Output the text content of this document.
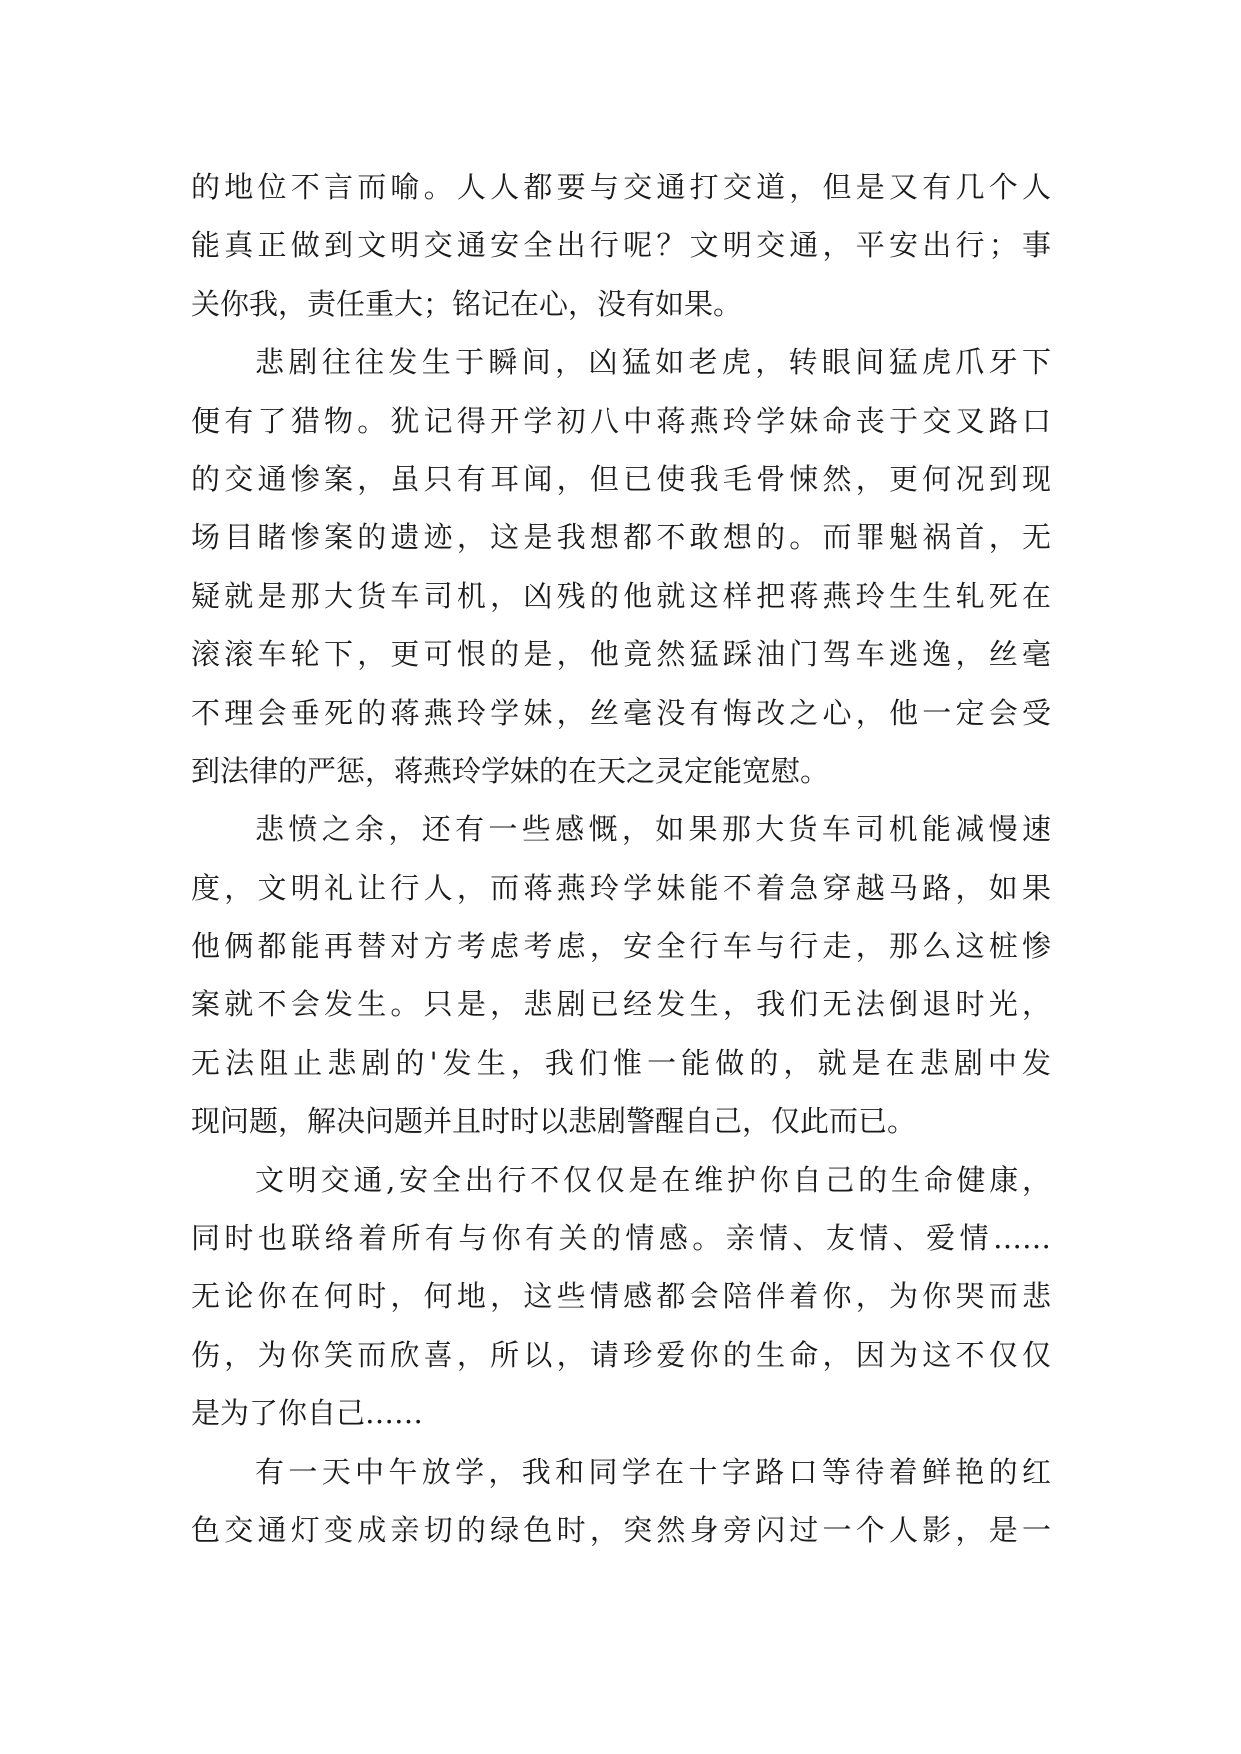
的地位不言而喻。人人都要与交通打交道，但是又有几个人
能真正做到文明交通安全出行呢？文明交通，平安出行；事
关你我，责任重大；铭记在心，没有如果。
悲剧往往发生于瞬间，凶猛如老虎，转眼间猛虎爪牙下
便有了猎物。犹记得开学初八中蒋燕玲学妹命丧于交叉路口
的交通惨案，虽只有耳闻，但已使我毛骨悚然，更何况到现
场目睹惨案的遗迹，这是我想都不敢想的。而罪魁祸首，无
疑就是那大货车司机，凶残的他就这样把蒋燕玲生生轧死在
滚滚车轮下，更可恨的是，他竟然猛踩油门驾车逃逸，丝毫
不理会垂死的蒋燕玲学妹，丝毫没有悔改之心，他一定会受
到法律的严惩，蒋燕玲学妹的在天之灵定能宽慰。
悲愤之余，还有一些感慨，如果那大货车司机能减慢速
度，文明礼让行人，而蒋燕玲学妹能不着急穿越马路，如果
他俩都能再替对方考虑考虑，安全行车与行走，那么这桩惨
案就不会发生。只是，悲剧已经发生，我们无法倒退时光，
无法阻止悲剧的'发生，我们惟一能做的，就是在悲剧中发
现问题，解决问题并且时时以悲剧警醒自己，仅此而已。
文明交通,安全出行不仅仅是在维护你自己的生命健康，
同时也联络着所有与你有关的情感。亲情、友情、爱情……
无论你在何时，何地，这些情感都会陪伴着你，为你哭而悲
伤，为你笑而欣喜，所以，请珍爱你的生命，因为这不仅仅
是为了你自己……
有一天中午放学，我和同学在十字路口等待着鲜艳的红
色交通灯变成亲切的绿色时，突然身旁闪过一个人影，是一
